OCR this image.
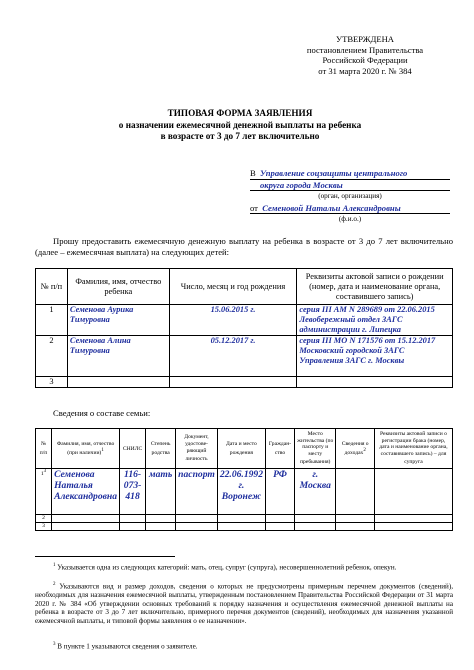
УТВЕРЖДЕНА
постановлением Правительства
Российской Федерации
от 31 марта 2020 г. № 384
ТИПОВАЯ ФОРМА ЗАЯВЛЕНИЯ
о назначении ежемесячной денежной выплаты на ребенка
в возрасте от 3 до 7 лет включительно
В Управление соцзащиты центрального
округа города Москвы
(орган, организация)
от Семеновой Натальи Александровны
(ф.и.о.)
Прошу предоставить ежемесячную денежную выплату на ребенка в возрасте от 3 до 7 лет включительно (далее – ежемесячная выплата) на следующих детей:
№ п/п	Фамилия, имя, отчество ребенка	Число, месяц и год рождения	Реквизиты актовой записи о рождении (номер, дата и наименование органа, составившего запись)
1	Семенова Аурика Тимуровна	15.06.2015 г.	серия III АМ N 289689 от 22.06.2015 Левобережный отдел ЗАГС администрации г. Липецка
2	Семенова Алина Тимуровна	05.12.2017 г.	серия III МО N 171576 от 15.12.2017 Московский городской ЗАГС Управления ЗАГС г. Москвы
3			
Сведения о составе семьи:
№ п/п	Фамилия, имя, отчество (при наличии)$^1$	СНИЛС	Степень родства	Документ, удостове-ряющий личность	Дата и место рождения	Граждан-ство	Место жительства (по паспорту и месту пребывания)	Сведения о доходах$^2$	Реквизиты актовой записи о регистрации брака (номер, дата и наименование органа, составившего запись) – для супруга
$1^3$	Семенова Наталья Александровна	116-073-418	мать	паспорт	22.06.1992 г. Воронеж	РФ	г. Москва		
2									
3									
$^1$ Указывается одна из следующих категорий: мать, отец, супруг (супруга), несовершеннолетний ребенок, опекун.
$^2$ Указываются вид и размер доходов, сведения о которых не предусмотрены примерным перечнем документов (сведений), необходимых для назначения ежемесячной выплаты, утвержденным постановлением Правительства Российской Федерации от 31 марта 2020 г. № 384 «Об утверждении основных требований к порядку назначения и осуществления ежемесячной денежной выплаты на ребенка в возрасте от 3 до 7 лет включительно, примерного перечня документов (сведений), необходимых для назначения указанной ежемесячной выплаты, и типовой формы заявления о ее назначении».
$^3$ В пункте 1 указываются сведения о заявителе.
